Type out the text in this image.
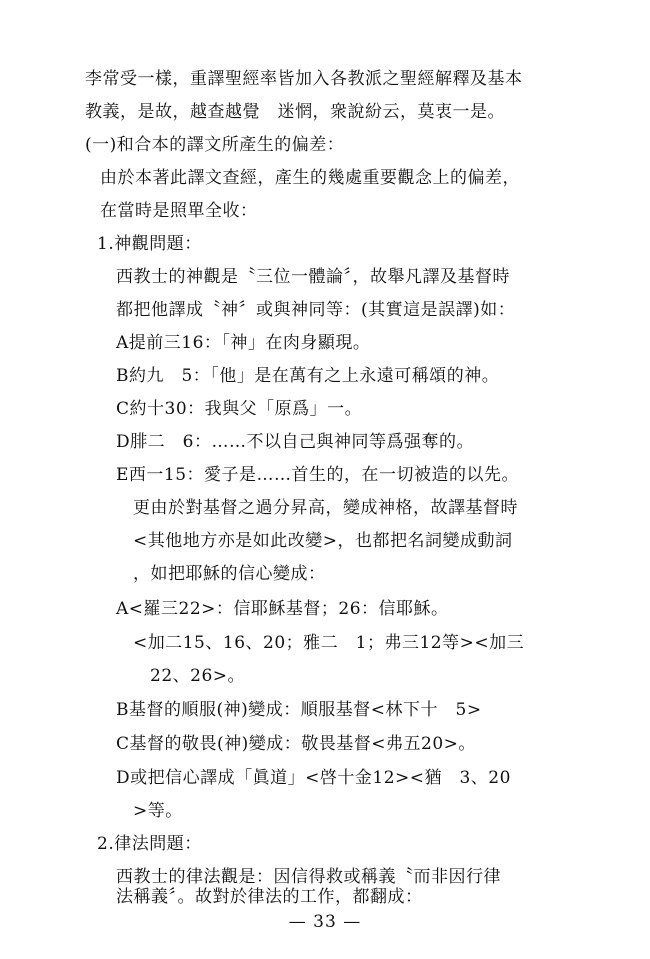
李常受一樣，重譯聖經率皆加入各教派之聖經解釋及基本
教義，是故，越查越覺　迷惘，衆說紛云，莫衷一是。
(一)和合本的譯文所產生的偏差：
由於本著此譯文查經，產生的幾處重要觀念上的偏差，
在當時是照單全收：
1.神觀問題：
西教士的神觀是〝三位一體論〞，故舉凡譯及基督時
都把他譯成〝神〞或與神同等：(其實這是誤譯)如：
A提前三16：「神」在肉身顯現。
B約九　5：「他」是在萬有之上永遠可稱頌的神。
C約十30：我與父「原爲」一。
D腓二　6：……不以自己與神同等爲强奪的。
E西一15：愛子是……首生的，在一切被造的以先。
更由於對基督之過分昇高，變成神格，故譯基督時
<其他地方亦是如此改變>，也都把名詞變成動詞
，如把耶穌的信心變成：
A<羅三22>：信耶穌基督；26：信耶穌。
<加二15、16、20；雅二　1；弗三12等><加三
22、26>。
B基督的順服(神)變成：順服基督<林下十　5>
C基督的敬畏(神)變成：敬畏基督<弗五20>。
D或把信心譯成「眞道」<啓十金12><猶　3、20
>等。
2.律法問題：
西教士的律法觀是：因信得救或稱義〝而非因行律
法稱義〞。故對於律法的工作，都翻成：
— 33 —
